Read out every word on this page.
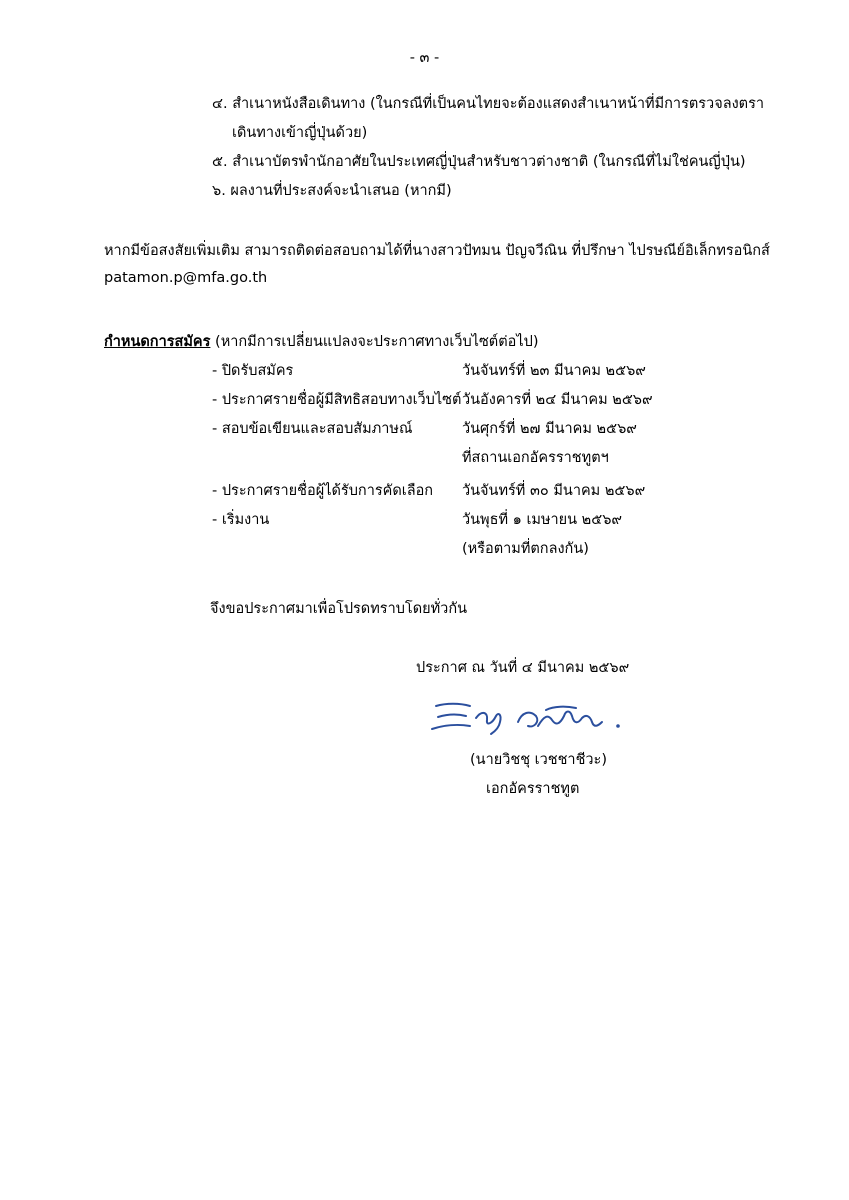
- ๓ -
๔. สำเนาหนังสือเดินทาง (ในกรณีที่เป็นคนไทยจะต้องแสดงสำเนาหน้าที่มีการตรวจลงตรา
เดินทางเข้าญี่ปุ่นด้วย)
๕. สำเนาบัตรพำนักอาศัยในประเทศญี่ปุ่นสำหรับชาวต่างชาติ (ในกรณีที่ไม่ใช่คนญี่ปุ่น)
๖. ผลงานที่ประสงค์จะนำเสนอ (หากมี)
หากมีข้อสงสัยเพิ่มเติม สามารถติดต่อสอบถามได้ที่นางสาวปัทมน ปัญจวีณิน ที่ปรึกษา ไปรษณีย์อิเล็กทรอนิกส์
patamon.p@mfa.go.th
กำหนดการสมัคร (หากมีการเปลี่ยนแปลงจะประกาศทางเว็บไซต์ต่อไป)
- ปิดรับสมัคร	วันจันทร์ที่ ๒๓ มีนาคม ๒๕๖๙
- ประกาศรายชื่อผู้มีสิทธิสอบทางเว็บไซต์ วันอังคารที่ ๒๔ มีนาคม ๒๕๖๙
- สอบข้อเขียนและสอบสัมภาษณ์	วันศุกร์ที่ ๒๗ มีนาคม ๒๕๖๙
ที่สถานเอกอัครราชทูตฯ
- ประกาศรายชื่อผู้ได้รับการคัดเลือก วันจันทร์ที่ ๓๐ มีนาคม ๒๕๖๙
- เริ่มงาน	วันพุธที่ ๑ เมษายน ๒๕๖๙
(หรือตามที่ตกลงกัน)
จึงขอประกาศมาเพื่อโปรดทราบโดยทั่วกัน
ประกาศ ณ วันที่ ๔ มีนาคม ๒๕๖๙
(นายวิชชุ เวชชาชีวะ)
เอกอัครราชทูต
